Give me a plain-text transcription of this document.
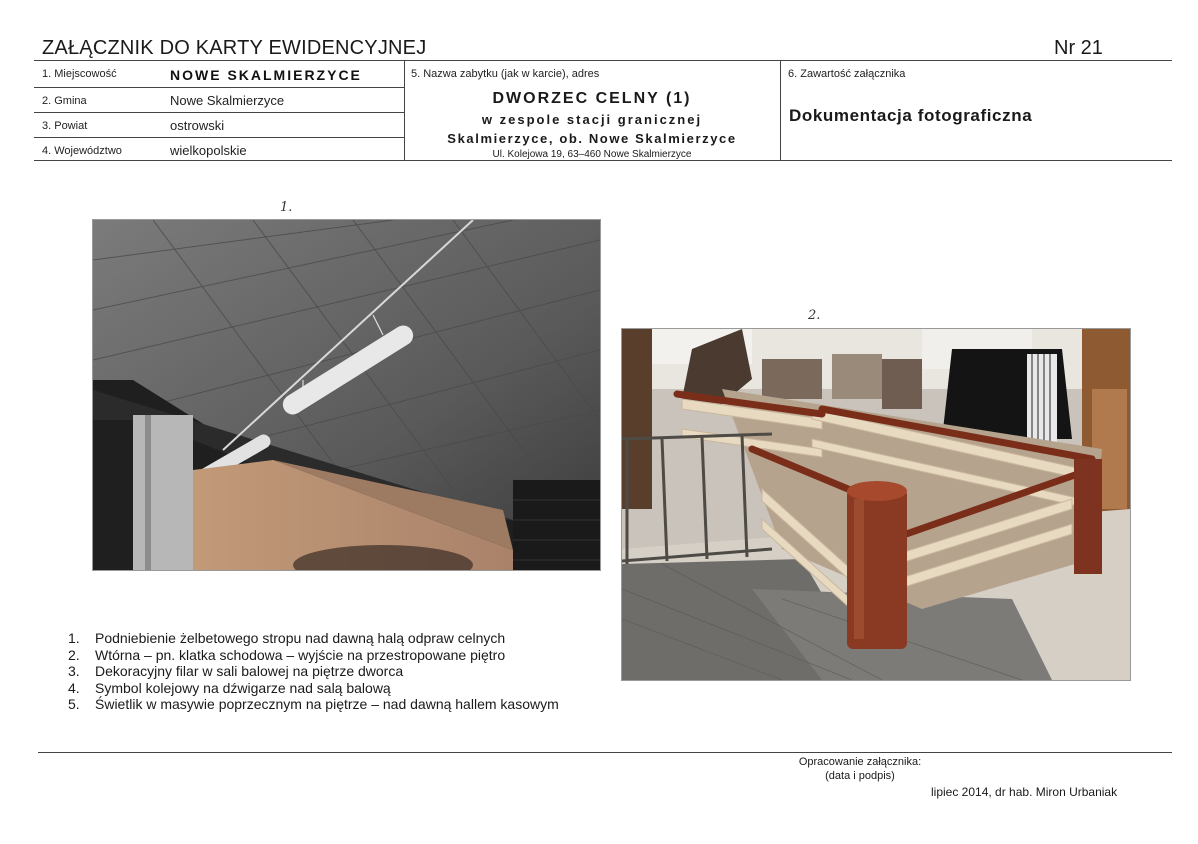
ZAŁĄCZNIK DO KARTY EWIDENCYJNEJ	Nr 21
1. Miejscowość	NOWE SKALMIERZYCE
2. Gmina	Nowe Skalmierzyce
3. Powiat	ostrowski
4. Województwo	wielkopolskie
5. Nazwa zabytku (jak w karcie), adres
DWORZEC CELNY (1)
w zespole stacji granicznej
Skalmierzyce, ob. Nowe Skalmierzyce
Ul. Kolejowa 19, 63–460 Nowe Skalmierzyce
6. Zawartość załącznika
Dokumentacja fotograficzna
1.
2.
1.	Podniebienie żelbetowego stropu nad dawną halą odpraw celnych
2.	Wtórna – pn. klatka schodowa – wyjście na przestropowane piętro
3.	Dekoracyjny filar w sali balowej na piętrze dworca
4.	Symbol kolejowy na dźwigarze nad salą balową
5.	Świetlik w masywie poprzecznym na piętrze – nad dawną hallem kasowym
Opracowanie załącznika:
(data i podpis)
lipiec 2014, dr hab. Miron Urbaniak
